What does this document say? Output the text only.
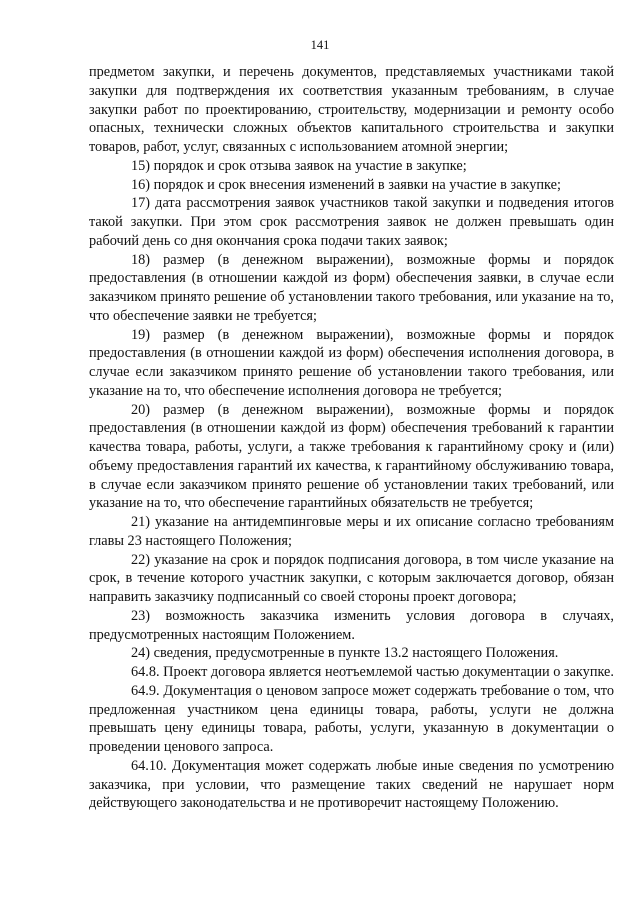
141

предметом закупки, и перечень документов, представляемых участниками такой закупки для подтверждения их соответствия указанным требованиям, в случае закупки работ по проектированию, строительству, модернизации и ремонту особо опасных, технически сложных объектов капитального строительства и закупки товаров, работ, услуг, связанных с использованием атомной энергии;

15) порядок и срок отзыва заявок на участие в закупке;

16) порядок и срок внесения изменений в заявки на участие в закупке;

17) дата рассмотрения заявок участников такой закупки и подведения итогов такой закупки. При этом срок рассмотрения заявок не должен превышать один рабочий день со дня окончания срока подачи таких заявок;

18) размер (в денежном выражении), возможные формы и порядок предоставления (в отношении каждой из форм) обеспечения заявки, в случае если заказчиком принято решение об установлении такого требования, или указание на то, что обеспечение заявки не требуется;

19) размер (в денежном выражении), возможные формы и порядок предоставления (в отношении каждой из форм) обеспечения исполнения договора, в случае если заказчиком принято решение об установлении такого требования, или указание на то, что обеспечение исполнения договора не требуется;

20) размер (в денежном выражении), возможные формы и порядок предоставления (в отношении каждой из форм) обеспечения требований к гарантии качества товара, работы, услуги, а также требования к гарантийному сроку и (или) объему предоставления гарантий их качества, к гарантийному обслуживанию товара, в случае если заказчиком принято решение об установлении таких требований, или указание на то, что обеспечение гарантийных обязательств не требуется;

21) указание на антидемпинговые меры и их описание согласно требованиям главы 23 настоящего Положения;

22) указание на срок и порядок подписания договора, в том числе указание на срок, в течение которого участник закупки, с которым заключается договор, обязан направить заказчику подписанный со своей стороны проект договора;

23) возможность заказчика изменить условия договора в случаях, предусмотренных настоящим Положением.

24) сведения, предусмотренные в пункте 13.2 настоящего Положения.

64.8. Проект договора является неотъемлемой частью документации о закупке.

64.9. Документация о ценовом запросе может содержать требование о том, что предложенная участником цена единицы товара, работы, услуги не должна превышать цену единицы товара, работы, услуги, указанную в документации о проведении ценового запроса.

64.10. Документация может содержать любые иные сведения по усмотрению заказчика, при условии, что размещение таких сведений не нарушает норм действующего законодательства и не противоречит настоящему Положению.
